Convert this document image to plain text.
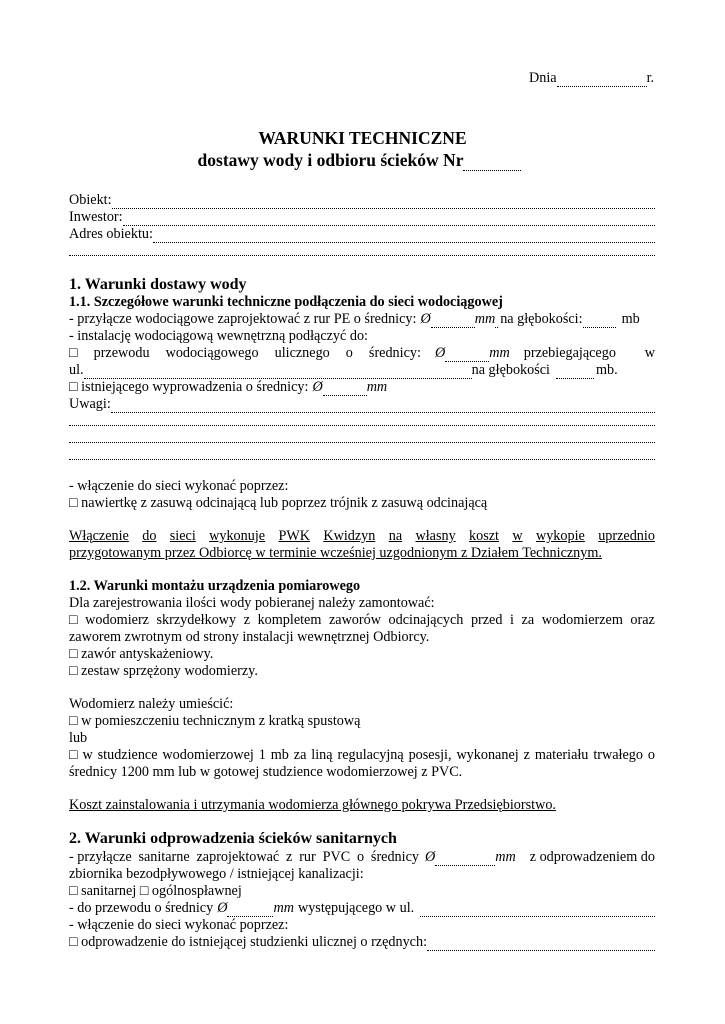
Dnia	r.
WARUNKI TECHNICZNE
dostawy wody i odbioru ścieków Nr
Obiekt:
Inwestor:
Adres obiektu:
1. Warunki dostawy wody
1.1. Szczegółowe warunki techniczne podłączenia do sieci wodociągowej
- przyłącze wodociągowe zaprojektować z rur PE o średnicy: Ø	mm na głębokości:	mb
- instalację wodociągową wewnętrzną podłączyć do:
□ przewodu wodociągowego ulicznego o średnicy: Ø	mm przebiegającego w
ul.	na głębokości	mb.
□ istniejącego wyprowadzenia o średnicy: Ø	mm
Uwagi:
- włączenie do sieci wykonać poprzez:
□ nawiertkę z zasuwą odcinającą lub poprzez trójnik z zasuwą odcinającą
Włączenie do sieci wykonuje PWK Kwidzyn na własny koszt w wykopie uprzednio
przygotowanym przez Odbiorcę w terminie wcześniej uzgodnionym z Działem Technicznym.
1.2. Warunki montażu urządzenia pomiarowego
Dla zarejestrowania ilości wody pobieranej należy zamontować:
□ wodomierz skrzydełkowy z kompletem zaworów odcinających przed i za wodomierzem oraz
zaworem zwrotnym od strony instalacji wewnętrznej Odbiorcy.
□ zawór antyskażeniowy.
□ zestaw sprzężony wodomierzy.
Wodomierz należy umieścić:
□ w pomieszczeniu technicznym z kratką spustową
lub
□ w studzience wodomierzowej 1 mb za liną regulacyjną posesji, wykonanej z materiału trwałego o
średnicy 1200 mm lub w gotowej studzience wodomierzowej z PVC.
Koszt zainstalowania i utrzymania wodomierza głównego pokrywa Przedsiębiorstwo.
2. Warunki odprowadzenia ścieków sanitarnych
- przyłącze sanitarne zaprojektować z rur PVC o średnicy Ø	mm z odprowadzeniem do
zbiornika bezodpływowego / istniejącej kanalizacji:
□ sanitarnej □ ogólnospławnej
- do przewodu o średnicy Ø	mm występującego w ul.
- włączenie do sieci wykonać poprzez:
□ odprowadzenie do istniejącej studzienki ulicznej o rzędnych:
